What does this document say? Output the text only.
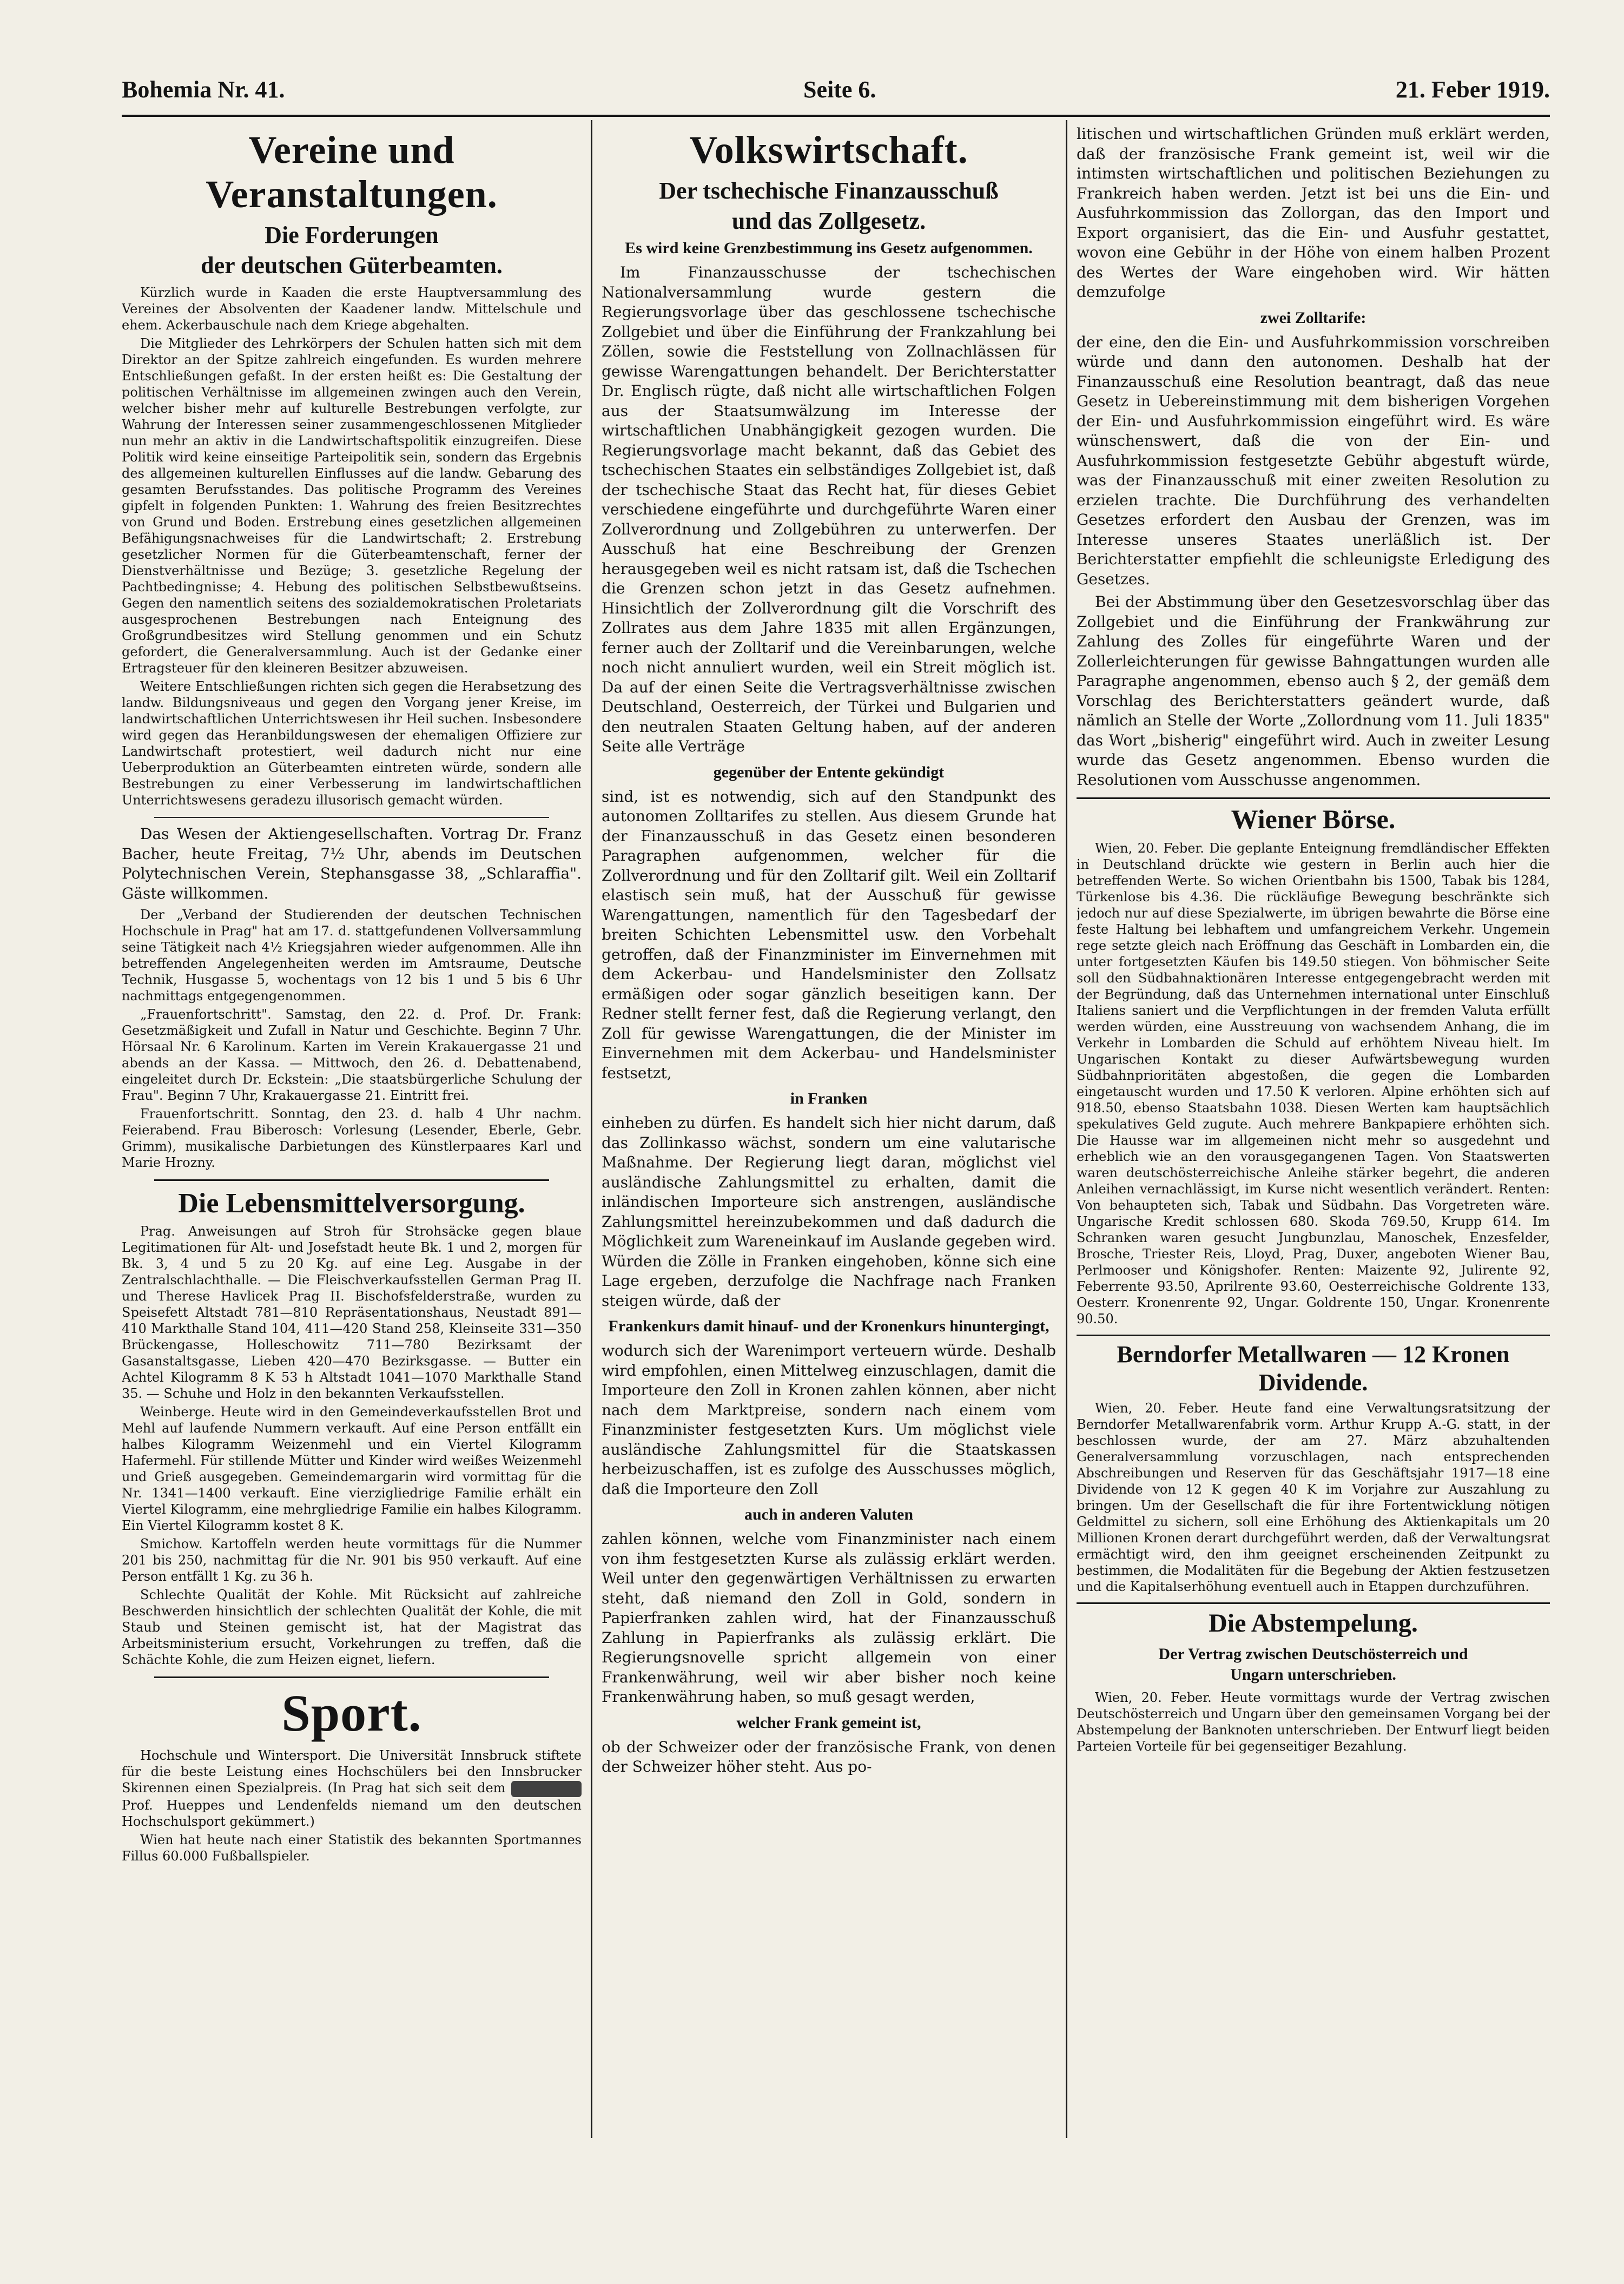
Bohemia Nr. 41.	Seite 6.	21. Feber 1919.
Vereine und Veranstaltungen.
Die Forderungen
der deutschen Güterbeamten.

Kürzlich wurde in Kaaden die erste Hauptversammlung des Vereines der Absolventen der Kaadener landw. Mittelschule und ehem. Ackerbauschule nach dem Kriege abgehalten.

Die Mitglieder des Lehrkörpers der Schulen hatten sich mit dem Direktor an der Spitze zahlreich eingefunden. Es wurden mehrere Entschließungen gefaßt. In der ersten heißt es: Die Gestaltung der politischen Verhältnisse im allgemeinen zwingen auch den Verein, welcher bisher mehr auf kulturelle Bestrebungen verfolgte, zur Wahrung der Interessen seiner zusammengeschlossenen Mitglieder nun mehr an aktiv in die Landwirtschaftspolitik einzugreifen. Diese Politik wird keine einseitige Parteipolitik sein, sondern das Ergebnis des allgemeinen kulturellen Einflusses auf die landw. Gebarung des gesamten Berufsstandes. Das politische Programm des Vereines gipfelt in folgenden Punkten: 1. Wahrung des freien Besitzrechtes von Grund und Boden. Erstrebung eines gesetzlichen allgemeinen Befähigungsnachweises für die Landwirtschaft; 2. Erstrebung gesetzlicher Normen für die Güterbeamtenschaft, ferner der Dienstverhältnisse und Bezüge; 3. gesetzliche Regelung der Pachtbedingnisse; 4. Hebung des politischen Selbstbewußtseins. Gegen den namentlich seitens des sozialdemokratischen Proletariats ausgesprochenen Bestrebungen nach Enteignung des Großgrundbesitzes wird Stellung genommen und ein Schutz gefordert, die Generalversammlung. Auch ist der Gedanke einer Ertragsteuer für den kleineren Besitzer abzuweisen.

Weitere Entschließungen richten sich gegen die Herabsetzung des landw. Bildungsniveaus und gegen den Vorgang jener Kreise, im landwirtschaftlichen Unterrichtswesen ihr Heil suchen. Insbesondere wird gegen das Heranbildungswesen der ehemaligen Offiziere zur Landwirtschaft protestiert, weil dadurch nicht nur eine Ueberproduktion an Güterbeamten eintreten würde, sondern alle Bestrebungen zu einer Verbesserung im landwirtschaftlichen Unterrichtswesens geradezu illusorisch gemacht würden.

Das Wesen der Aktiengesellschaften. Vortrag Dr. Franz Bacher, heute Freitag, 7½ Uhr, abends im Deutschen Polytechnischen Verein, Stephansgasse 38, „Schlaraffia". Gäste willkommen.

Der „Verband der Studierenden der deutschen Technischen Hochschule in Prag" hat am 17. d. stattgefundenen Vollversammlung seine Tätigkeit nach 4½ Kriegsjahren wieder aufgenommen. Alle ihn betreffenden Angelegenheiten werden im Amtsraume, Deutsche Technik, Husgasse 5, wochentags von 12 bis 1 und 5 bis 6 Uhr nachmittags entgegengenommen.

„Frauenfortschritt". Samstag, den 22. d. Prof. Dr. Frank: Gesetzmäßigkeit und Zufall in Natur und Geschichte. Beginn 7 Uhr. Hörsaal Nr. 6 Karolinum. Karten im Verein Krakauergasse 21 und abends an der Kassa. — Mittwoch, den 26. d. Debattenabend, eingeleitet durch Dr. Eckstein: „Die staatsbürgerliche Schulung der Frau". Beginn 7 Uhr, Krakauergasse 21. Eintritt frei.

Frauenfortschritt. Sonntag, den 23. d. halb 4 Uhr nachm. Feierabend. Frau Biberosch: Vorlesung (Lesender, Eberle, Gebr. Grimm), musikalische Darbietungen des Künstlerpaares Karl und Marie Hrozny.

Die Lebensmittelversorgung.

Prag. Anweisungen auf Stroh für Strohsäcke gegen blaue Legitimationen für Alt- und Josefstadt heute Bk. 1 und 2, morgen für Bk. 3, 4 und 5 zu 20 Kg. auf eine Leg. Ausgabe in der Zentralschlachthalle. — Die Fleischverkaufsstellen German Prag II. und Therese Havlicek Prag II. Bischofsfelderstraße, wurden zu Speisefett Altstadt 781—810 Repräsentationshaus, Neustadt 891—410 Markthalle Stand 104, 411—420 Stand 258, Kleinseite 331—350 Brückengasse, Holleschowitz 711—780 Bezirksamt der Gasanstaltsgasse, Lieben 420—470 Bezirksgasse. — Butter ein Achtel Kilogramm 8 K 53 h Altstadt 1041—1070 Markthalle Stand 35. — Schuhe und Holz in den bekannten Verkaufsstellen.

Weinberge. Heute wird in den Gemeindeverkaufsstellen Brot und Mehl auf laufende Nummern verkauft. Auf eine Person entfällt ein halbes Kilogramm Weizenmehl und ein Viertel Kilogramm Hafermehl. Für stillende Mütter und Kinder wird weißes Weizenmehl und Grieß ausgegeben. Gemeindemargarin wird vormittag für die Nr. 1341—1400 verkauft. Eine vierzigliedrige Familie erhält ein Viertel Kilogramm, eine mehrgliedrige Familie ein halbes Kilogramm. Ein Viertel Kilogramm kostet 8 K.

Smichow. Kartoffeln werden heute vormittags für die Nummer 201 bis 250, nachmittag für die Nr. 901 bis 950 verkauft. Auf eine Person entfällt 1 Kg. zu 36 h.

Schlechte Qualität der Kohle. Mit Rücksicht auf zahlreiche Beschwerden hinsichtlich der schlechten Qualität der Kohle, die mit Staub und Steinen gemischt ist, hat der Magistrat das Arbeitsministerium ersucht, Vorkehrungen zu treffen, daß die Schächte Kohle, die zum Heizen eignet, liefern.

Sport.

Hochschule und Wintersport. Die Universität Innsbruck stiftete für die beste Leistung eines Hochschülers bei den Innsbrucker Skirennen einen Spezialpreis. (In Prag hat sich seit dem  Prof. Hueppes und Lendenfelds niemand um den deutschen Hochschulsport gekümmert.)

Wien hat heute nach einer Statistik des bekannten Sportmannes Fillus 60.000 Fußballspieler.

Volkswirtschaft.
Der tschechische Finanzausschuß
und das Zollgesetz.
Es wird keine Grenzbestimmung ins Gesetz aufgenommen.

Im Finanzausschusse der tschechischen Nationalversammlung wurde gestern die Regierungsvorlage über das geschlossene tschechische Zollgebiet und über die Einführung der Frankzahlung bei Zöllen, sowie die Feststellung von Zollnachlässen für gewisse Warengattungen behandelt. Der Berichterstatter Dr. Englisch rügte, daß nicht alle wirtschaftlichen Folgen aus der Staatsumwälzung im Interesse der wirtschaftlichen Unabhängigkeit gezogen wurden. Die Regierungsvorlage macht bekannt, daß das Gebiet des tschechischen Staates ein selbständiges Zollgebiet ist, daß der tschechische Staat das Recht hat, für dieses Gebiet verschiedene eingeführte und durchgeführte Waren einer Zollverordnung und Zollgebühren zu unterwerfen. Der Ausschuß hat eine Beschreibung der Grenzen herausgegeben weil es nicht ratsam ist, daß die Tschechen die Grenzen schon jetzt in das Gesetz aufnehmen. Hinsichtlich der Zollverordnung gilt die Vorschrift des Zollrates aus dem Jahre 1835 mit allen Ergänzungen, ferner auch der Zolltarif und die Vereinbarungen, welche noch nicht annuliert wurden, weil ein Streit möglich ist. Da auf der einen Seite die Vertragsverhältnisse zwischen Deutschland, Oesterreich, der Türkei und Bulgarien und den neutralen Staaten Geltung haben, auf der anderen Seite alle Verträge

gegenüber der Entente gekündigt

sind, ist es notwendig, sich auf den Standpunkt des autonomen Zolltarifes zu stellen. Aus diesem Grunde hat der Finanzausschuß in das Gesetz einen besonderen Paragraphen aufgenommen, welcher für die Zollverordnung und für den Zolltarif gilt. Weil ein Zolltarif elastisch sein muß, hat der Ausschuß für gewisse Warengattungen, namentlich für den Tagesbedarf der breiten Schichten Lebensmittel usw. den Vorbehalt getroffen, daß der Finanzminister im Einvernehmen mit dem Ackerbau- und Handelsminister den Zollsatz ermäßigen oder sogar gänzlich beseitigen kann. Der Redner stellt ferner fest, daß die Regierung verlangt, den Zoll für gewisse Warengattungen, die der Minister im Einvernehmen mit dem Ackerbau- und Handelsminister festsetzt,

in Franken

einheben zu dürfen. Es handelt sich hier nicht darum, daß das Zollinkasso wächst, sondern um eine valutarische Maßnahme. Der Regierung liegt daran, möglichst viel ausländische Zahlungsmittel zu erhalten, damit die inländischen Importeure sich anstrengen, ausländische Zahlungsmittel hereinzubekommen und daß dadurch die Möglichkeit zum Wareneinkauf im Auslande gegeben wird. Würden die Zölle in Franken eingehoben, könne sich eine Lage ergeben, derzufolge die Nachfrage nach Franken steigen würde, daß der

Frankenkurs damit hinauf- und der Kronenkurs hinuntergingt,

wodurch sich der Warenimport verteuern würde. Deshalb wird empfohlen, einen Mittelweg einzuschlagen, damit die Importeure den Zoll in Kronen zahlen können, aber nicht nach dem Marktpreise, sondern nach einem vom Finanzminister festgesetzten Kurs. Um möglichst viele ausländische Zahlungsmittel für die Staatskassen herbeizuschaffen, ist es zufolge des Ausschusses möglich, daß die Importeure den Zoll

auch in anderen Valuten

zahlen können, welche vom Finanzminister nach einem von ihm festgesetzten Kurse als zulässig erklärt werden. Weil unter den gegenwärtigen Verhältnissen zu erwarten steht, daß niemand den Zoll in Gold, sondern in Papierfranken zahlen wird, hat der Finanzausschuß Zahlung in Papierfranks als zulässig erklärt. Die Regierungsnovelle spricht allgemein von einer Frankenwährung, weil wir aber bisher noch keine Frankenwährung haben, so muß gesagt werden,

welcher Frank gemeint ist,

ob der Schweizer oder der französische Frank, von denen der Schweizer höher steht. Aus po-

litischen und wirtschaftlichen Gründen muß erklärt werden, daß der französische Frank gemeint ist, weil wir die intimsten wirtschaftlichen und politischen Beziehungen zu Frankreich haben werden. Jetzt ist bei uns die Ein- und Ausfuhrkommission das Zollorgan, das den Import und Export organisiert, das die Ein- und Ausfuhr gestattet, wovon eine Gebühr in der Höhe von einem halben Prozent des Wertes der Ware eingehoben wird. Wir hätten demzufolge

zwei Zolltarife:

der eine, den die Ein- und Ausfuhrkommission vorschreiben würde und dann den autonomen. Deshalb hat der Finanzausschuß eine Resolution beantragt, daß das neue Gesetz in Uebereinstimmung mit dem bisherigen Vorgehen der Ein- und Ausfuhrkommission eingeführt wird. Es wäre wünschenswert, daß die von der Ein- und Ausfuhrkommission festgesetzte Gebühr abgestuft würde, was der Finanzausschuß mit einer zweiten Resolution zu erzielen trachte. Die Durchführung des verhandelten Gesetzes erfordert den Ausbau der Grenzen, was im Interesse unseres Staates unerläßlich ist. Der Berichterstatter empfiehlt die schleunigste Erledigung des Gesetzes.

Bei der Abstimmung über den Gesetzesvorschlag über das Zollgebiet und die Einführung der Frankwährung zur Zahlung des Zolles für eingeführte Waren und der Zollerleichterungen für gewisse Bahngattungen wurden alle Paragraphe angenommen, ebenso auch § 2, der gemäß dem Vorschlag des Berichterstatters geändert wurde, daß nämlich an Stelle der Worte „Zollordnung vom 11. Juli 1835" das Wort „bisherig" eingeführt wird. Auch in zweiter Lesung wurde das Gesetz angenommen. Ebenso wurden die Resolutionen vom Ausschusse angenommen.

Wiener Börse.

Wien, 20. Feber. Die geplante Enteignung fremdländischer Effekten in Deutschland drückte wie gestern in Berlin auch hier die betreffenden Werte. So wichen Orientbahn bis 1500, Tabak bis 1284, Türkenlose bis 4.36. Die rückläufige Bewegung beschränkte sich jedoch nur auf diese Spezialwerte, im übrigen bewahrte die Börse eine feste Haltung bei lebhaftem und umfangreichem Verkehr. Ungemein rege setzte gleich nach Eröffnung das Geschäft in Lombarden ein, die unter fortgesetzten Käufen bis 149.50 stiegen. Von böhmischer Seite soll den Südbahnaktionären Interesse entgegengebracht werden mit der Begründung, daß das Unternehmen international unter Einschluß Italiens saniert und die Verpflichtungen in der fremden Valuta erfüllt werden würden, eine Ausstreuung von wachsendem Anhang, die im Verkehr in Lombarden die Schuld auf erhöhtem Niveau hielt. Im Ungarischen Kontakt zu dieser Aufwärtsbewegung wurden Südbahnprioritäten abgestoßen, die gegen die Lombarden eingetauscht wurden und 17.50 K verloren. Alpine erhöhten sich auf 918.50, ebenso Staatsbahn 1038. Diesen Werten kam hauptsächlich spekulatives Geld zugute. Auch mehrere Bankpapiere erhöhten sich. Die Hausse war im allgemeinen nicht mehr so ausgedehnt und erheblich wie an den vorausgegangenen Tagen. Von Staatswerten waren deutschösterreichische Anleihe stärker begehrt, die anderen Anleihen vernachlässigt, im Kurse nicht wesentlich verändert. Renten: Von behaupteten sich, Tabak und Südbahn. Das Vorgetreten wäre. Ungarische Kredit schlossen 680. Skoda 769.50, Krupp 614. Im Schranken waren gesucht Jungbunzlau, Manoschek, Enzesfelder, Brosche, Triester Reis, Lloyd, Prag, Duxer, angeboten Wiener Bau, Perlmooser und Königshofer. Renten: Maizente 92, Julirente 92, Feberrente 93.50, Aprilrente 93.60, Oesterreichische Goldrente 133, Oesterr. Kronenrente 92, Ungar. Goldrente 150, Ungar. Kronenrente 90.50.

Berndorfer Metallwaren — 12 Kronen
Dividende.

Wien, 20. Feber. Heute fand eine Verwaltungsratsitzung der Berndorfer Metallwarenfabrik vorm. Arthur Krupp A.-G. statt, in der beschlossen wurde, der am 27. März abzuhaltenden Generalversammlung vorzuschlagen, nach entsprechenden Abschreibungen und Reserven für das Geschäftsjahr 1917—18 eine Dividende von 12 K gegen 40 K im Vorjahre zur Auszahlung zu bringen. Um der Gesellschaft die für ihre Fortentwicklung nötigen Geldmittel zu sichern, soll eine Erhöhung des Aktienkapitals um 20 Millionen Kronen derart durchgeführt werden, daß der Verwaltungsrat ermächtigt wird, den ihm geeignet erscheinenden Zeitpunkt zu bestimmen, die Modalitäten für die Begebung der Aktien festzusetzen und die Kapitalserhöhung eventuell auch in Etappen durchzuführen.

Die Abstempelung.
Der Vertrag zwischen Deutschösterreich und
Ungarn unterschrieben.

Wien, 20. Feber. Heute vormittags wurde der Vertrag zwischen Deutschösterreich und Ungarn über den gemeinsamen Vorgang bei der Abstempelung der Banknoten unterschrieben. Der Entwurf liegt beiden Parteien Vorteile für bei gegenseitiger Bezahlung.
